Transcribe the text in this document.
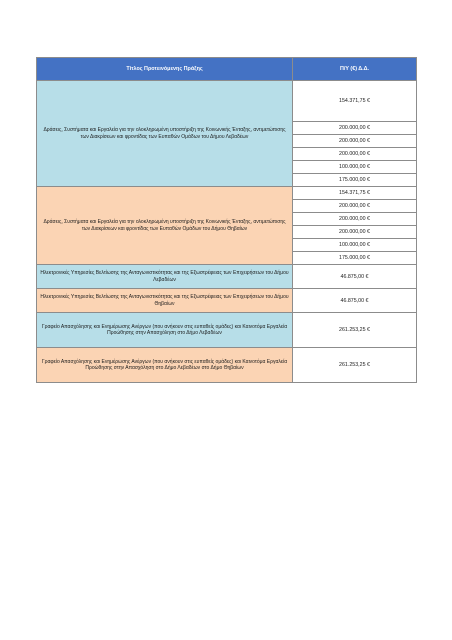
Τίτλος Προτεινόμενης Πράξης	Π/Υ (€) Δ.Δ.
Δράσεις, Συστήματα και Εργαλεία για την ολοκληρωμένη υποστήριξη της Κοινωνικής Ένταξης, αντιμετώπισης των Διακρίσεων και φροντίδας των Ευπαθών Ομάδων του Δήμου Λεβαδέων	154.371,75 €
	200.000,00 €
	200.000,00 €
	200.000,00 €
	100.000,00 €
	175.000,00 €
Δράσεις, Συστήματα και Εργαλεία για την ολοκληρωμένη υποστήριξη της Κοινωνικής Ένταξης, αντιμετώπισης των Διακρίσεων και φροντίδας των Ευπαθών Ομάδων του Δήμου Θηβαίων	154.371,75 €
	200.000,00 €
	200.000,00 €
	200.000,00 €
	100.000,00 €
	175.000,00 €
Ηλεκτρονικές Υπηρεσίες Βελτίωσης της Ανταγωνιστικότητας και της Εξωστρέφειας των Επιχειρήσεων του Δήμου Λεβαδέων	46.875,00 €
Ηλεκτρονικές Υπηρεσίες Βελτίωσης της Ανταγωνιστικότητας και της Εξωστρέφειας των Επιχειρήσεων του Δήμου Θηβαίων	46.875,00 €
Γραφείο Απασχόλησης και Ενημέρωσης Ανέργων (που ανήκουν στις ευπαθείς ομάδες) και Καινοτόμα Εργαλεία Προώθησης στην Απασχόληση στο Δήμο Λεβαδέων	261.253,25 €
Γραφείο Απασχόλησης και Ενημέρωσης Ανέργων (που ανήκουν στις ευπαθείς ομάδες) και Καινοτόμα Εργαλεία Προώθησης στην Απασχόληση στο Δήμο Λεβαδέων στο Δήμο Θηβαίων	261.253,25 €
